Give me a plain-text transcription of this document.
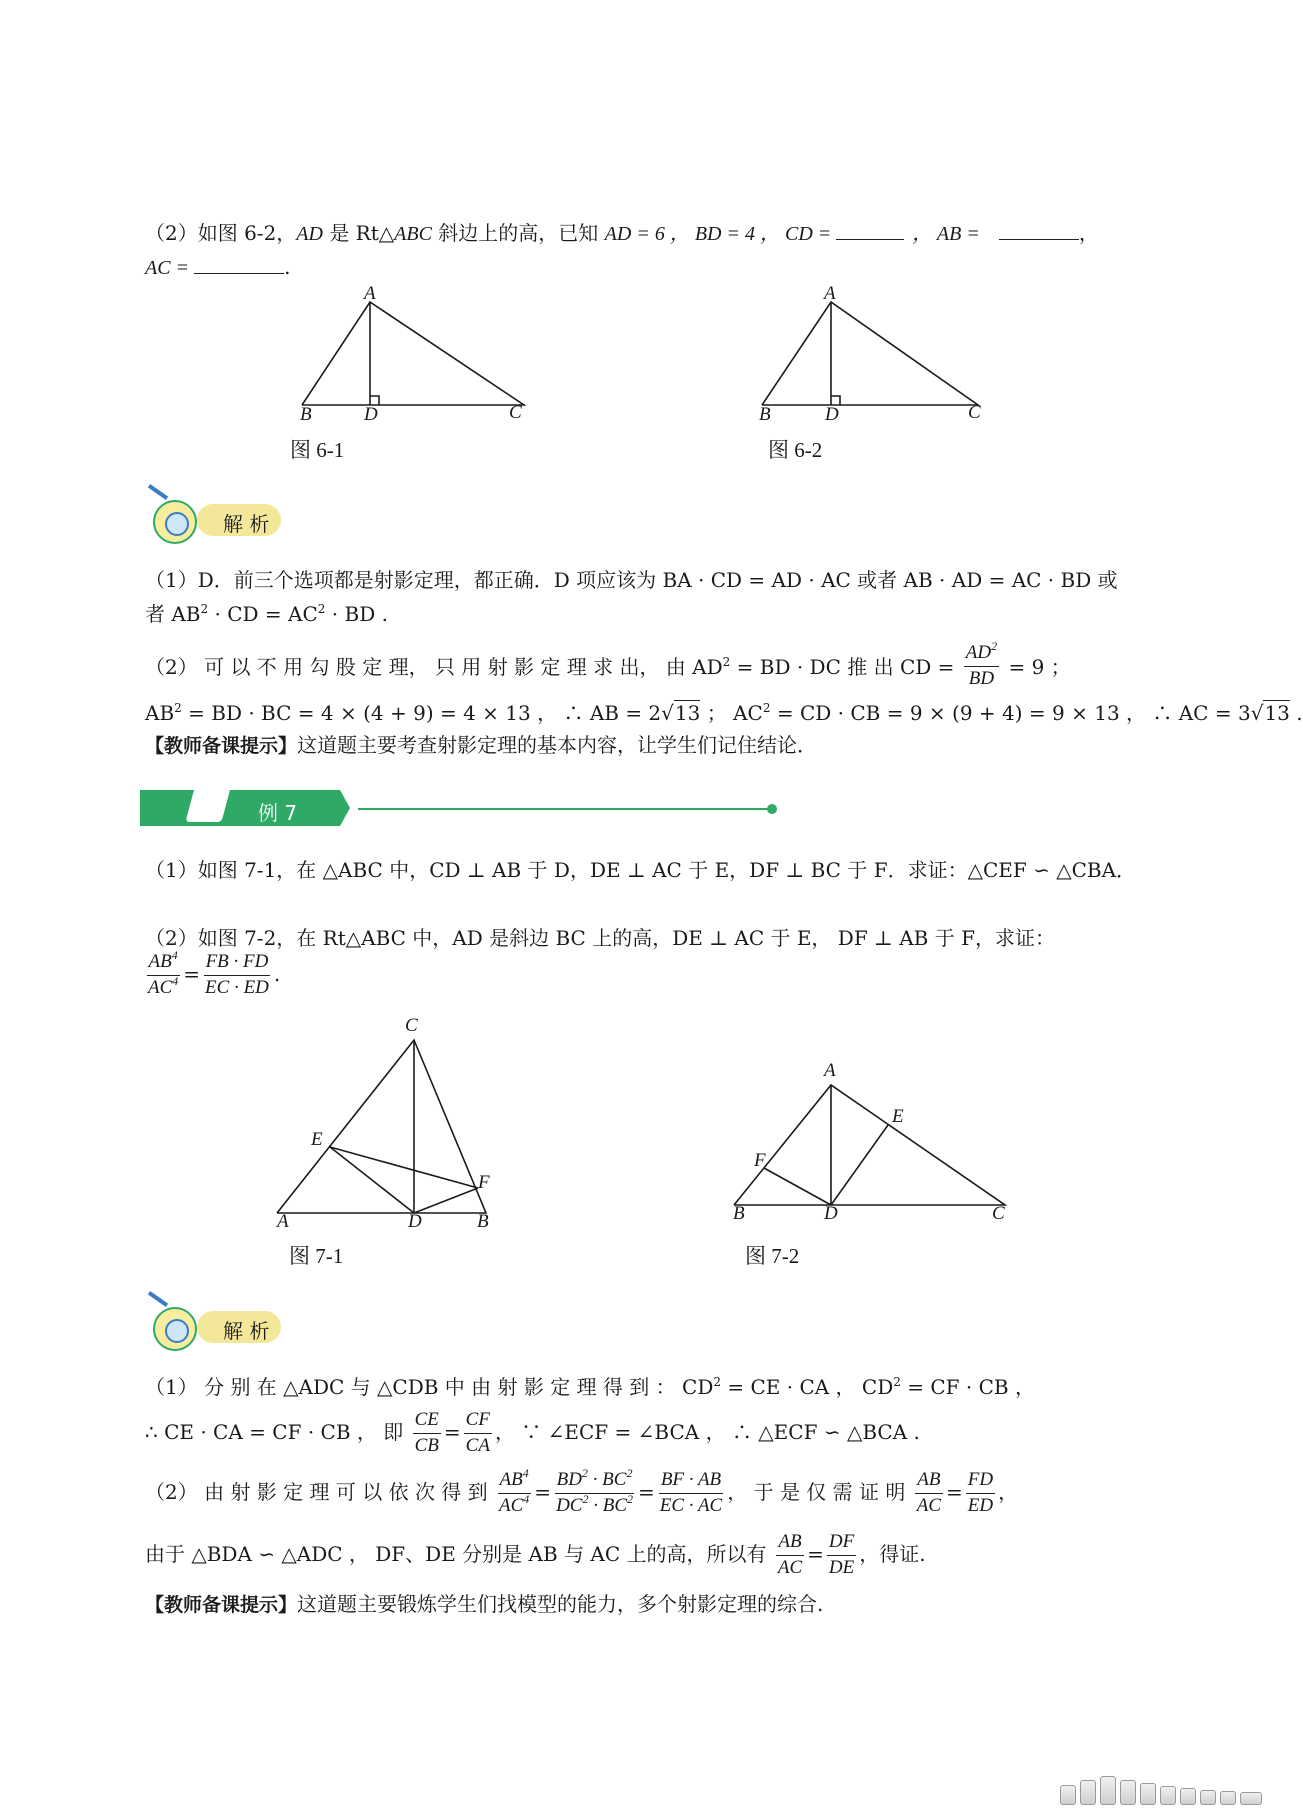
（2）如图 6-2，AD 是 Rt△ABC 斜边上的高，已知 AD = 6 ， BD = 4 ， CD =	， AB =	，
AC =	.
A
B	D	C
图 6-1
A
B	D	C
图 6-2
解 析
（1）D．前三个选项都是射影定理，都正确．D 项应该为 BA · CD = AD · AC 或者 AB · AD = AC · BD 或
者 $AB^2$ · CD = $AC^2$ · BD .
（2） 可 以 不 用 勾 股 定 理， 只 用 射 影 定 理 求 出， 由 $AD^2$ = BD · DC 推 出 CD = $\frac{AD^2}{BD} = 9$ ；
$AB^2$ = BD · BC = 4 × (4 + 9) = 4 × 13 ， ∴ AB = 2√13 ； $AC^2$ = CD · CB = 9 × (9 + 4) = 9 × 13 ， ∴ AC = 3√13 .
【教师备课提示】这道题主要考查射影定理的基本内容，让学生们记住结论．
例 7
（1）如图 7-1，在 △ABC 中，CD ⊥ AB 于 D，DE ⊥ AC 于 E，DF ⊥ BC 于 F．求证：△CEF ∽ △CBA．
（2）如图 7-2，在 Rt△ABC 中，AD 是斜边 BC 上的高，DE ⊥ AC 于 E， DF ⊥ AB 于 F，求证：
$\frac{AB^4}{AC^4} = \frac{FB \cdot FD}{EC \cdot ED}$ .
C
E
F
A	D	B
图 7-1
A
E
F
B	D	C
图 7-2
解 析
（1） 分 别 在 △ADC 与 △CDB 中 由 射 影 定 理 得 到 ： $CD^2$ = CE · CA ， $CD^2$ = CF · CB ，
∴ CE · CA = CF · CB ， 即 $\frac{CE}{CB} = \frac{CF}{CA}$ ， ∵ ∠ECF = ∠BCA ， ∴ △ECF ∽ △BCA .
（2） 由 射 影 定 理 可 以 依 次 得 到 $\frac{AB^4}{AC^4} = \frac{BD^2 \cdot BC^2}{DC^2 \cdot BC^2} = \frac{BF \cdot AB}{EC \cdot AC}$ ， 于 是 仅 需 证 明 $\frac{AB}{AC} = \frac{FD}{ED}$ ，
由于 △BDA ∽ △ADC ， DF、DE 分别是 AB 与 AC 上的高，所以有 $\frac{AB}{AC} = \frac{DF}{DE}$ ，得证.
【教师备课提示】这道题主要锻炼学生们找模型的能力，多个射影定理的综合.
